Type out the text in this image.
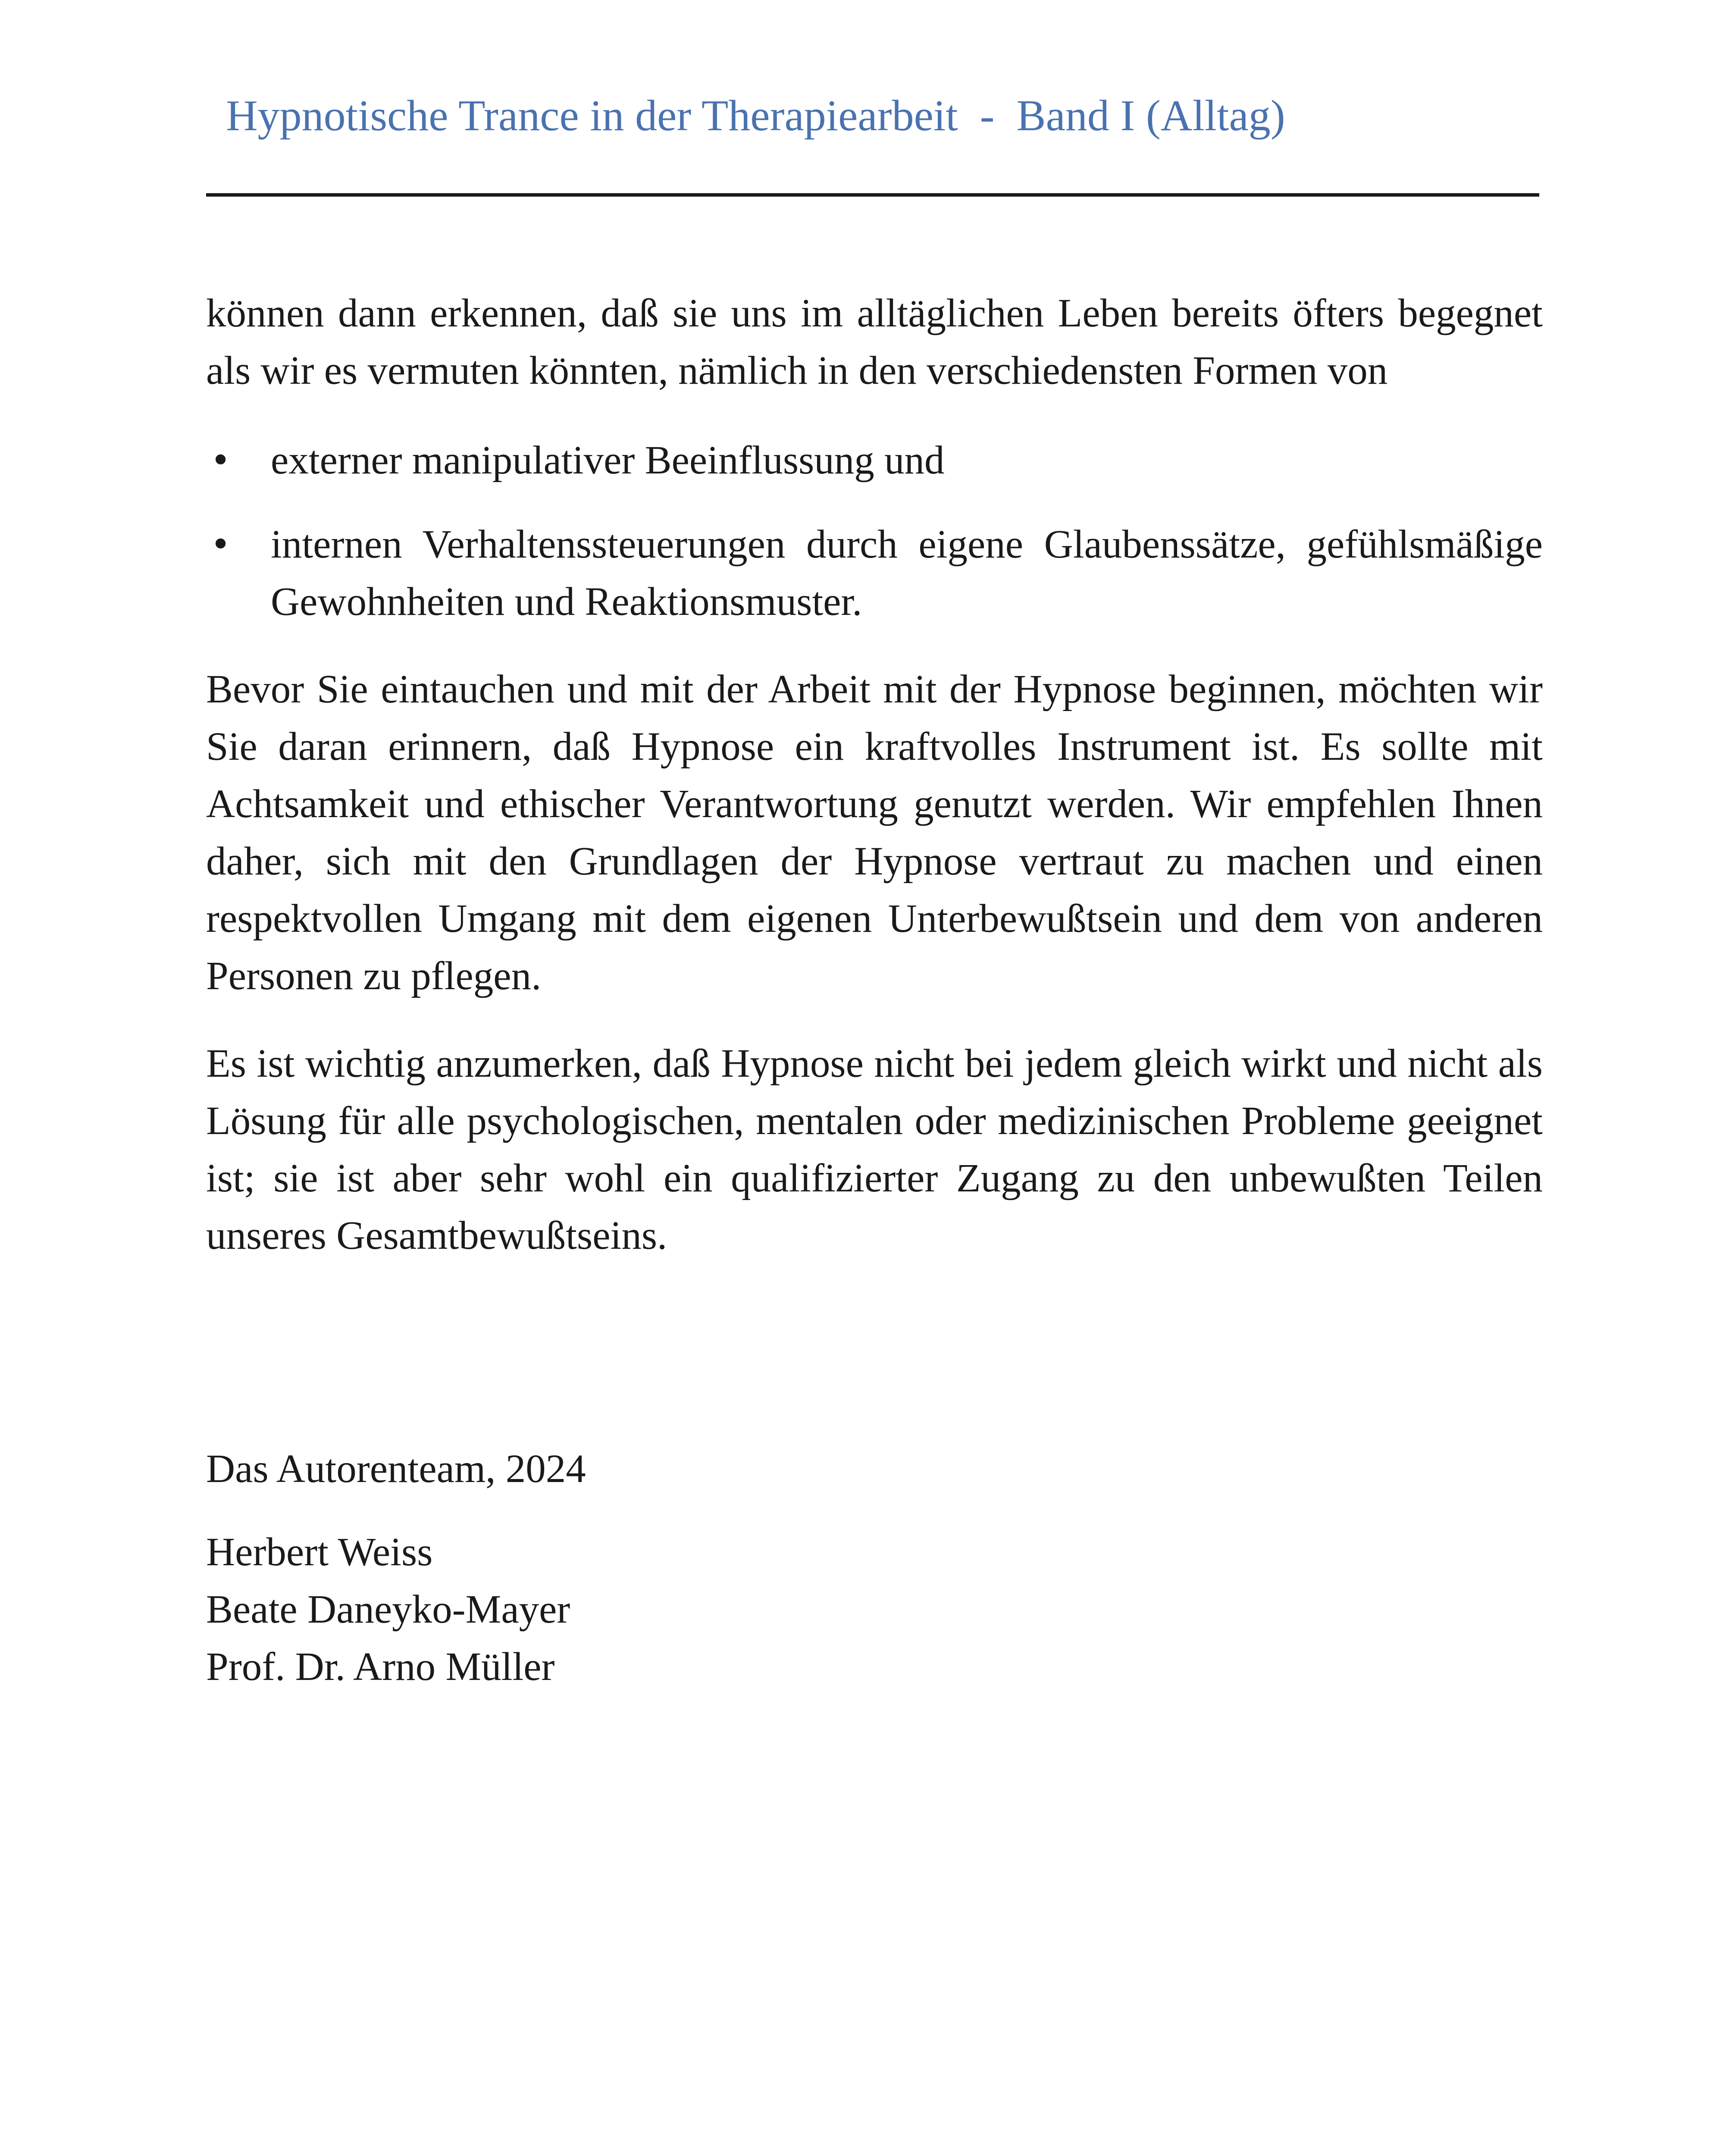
Hypnotische Trance in der Therapiearbeit  -  Band I (Alltag)

können dann erkennen, daß sie uns im alltäglichen Leben bereits öfters begegnet als wir es vermuten könnten, nämlich in den verschiedensten Formen von

• externer manipulativer Beeinflussung und
• internen Verhaltenssteuerungen durch eigene Glaubenssätze, gefühlsmäßige Gewohnheiten und Reaktionsmuster.

Bevor Sie eintauchen und mit der Arbeit mit der Hypnose beginnen, möchten wir Sie daran erinnern, daß Hypnose ein kraftvolles Instrument ist. Es sollte mit Achtsamkeit und ethischer Verantwortung genutzt werden. Wir empfehlen Ihnen daher, sich mit den Grundlagen der Hypnose vertraut zu machen und einen respektvollen Umgang mit dem eigenen Unterbewußtsein und dem von anderen Personen zu pflegen.

Es ist wichtig anzumerken, daß Hypnose nicht bei jedem gleich wirkt und nicht als Lösung für alle psychologischen, mentalen oder medizinischen Probleme geeignet ist; sie ist aber sehr wohl ein qualifizierter Zugang zu den unbewußten Teilen unseres Gesamtbewußtseins.

Das Autorenteam, 2024
Herbert Weiss
Beate Daneyko-Mayer
Prof. Dr. Arno Müller
